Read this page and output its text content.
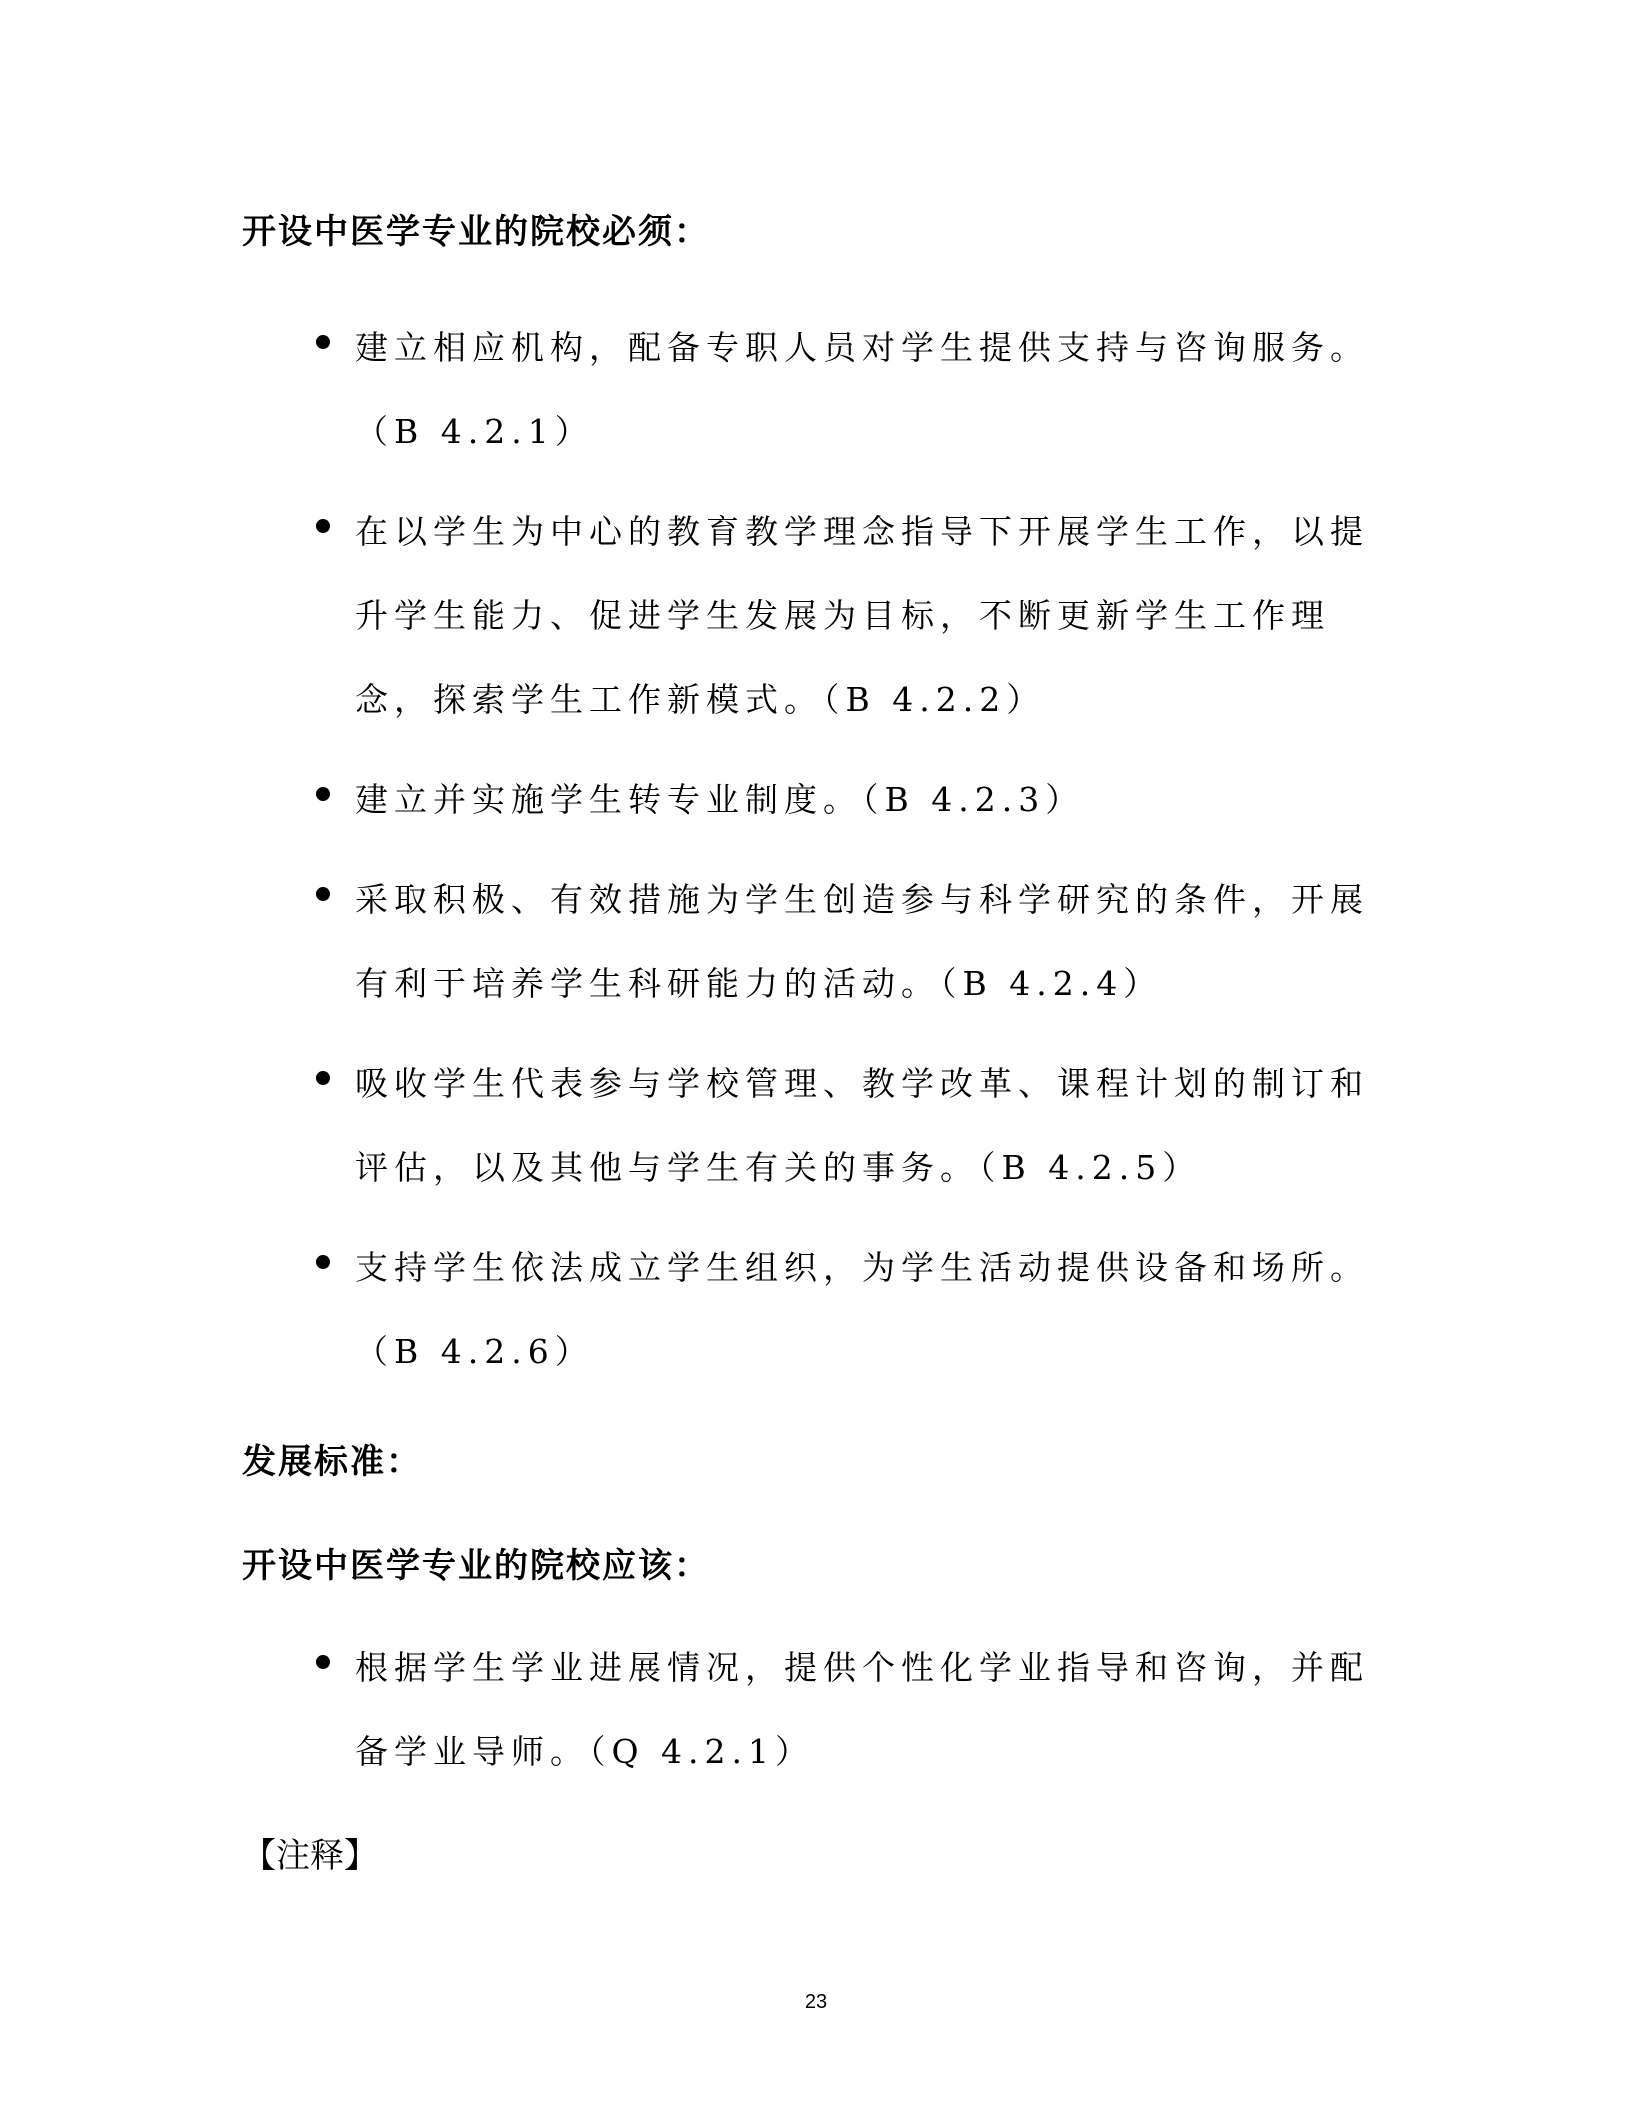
开设中医学专业的院校必须：
建立相应机构，配备专职人员对学生提供支持与咨询服务。（B 4.2.1）
在以学生为中心的教育教学理念指导下开展学生工作，以提升学生能力、促进学生发展为目标，不断更新学生工作理念，探索学生工作新模式。（B 4.2.2）
建立并实施学生转专业制度。（B 4.2.3）
采取积极、有效措施为学生创造参与科学研究的条件，开展有利于培养学生科研能力的活动。（B 4.2.4）
吸收学生代表参与学校管理、教学改革、课程计划的制订和评估，以及其他与学生有关的事务。（B 4.2.5）
支持学生依法成立学生组织，为学生活动提供设备和场所。（B 4.2.6）
发展标准：
开设中医学专业的院校应该：
根据学生学业进展情况，提供个性化学业指导和咨询，并配备学业导师。（Q 4.2.1）
【注释】
23
